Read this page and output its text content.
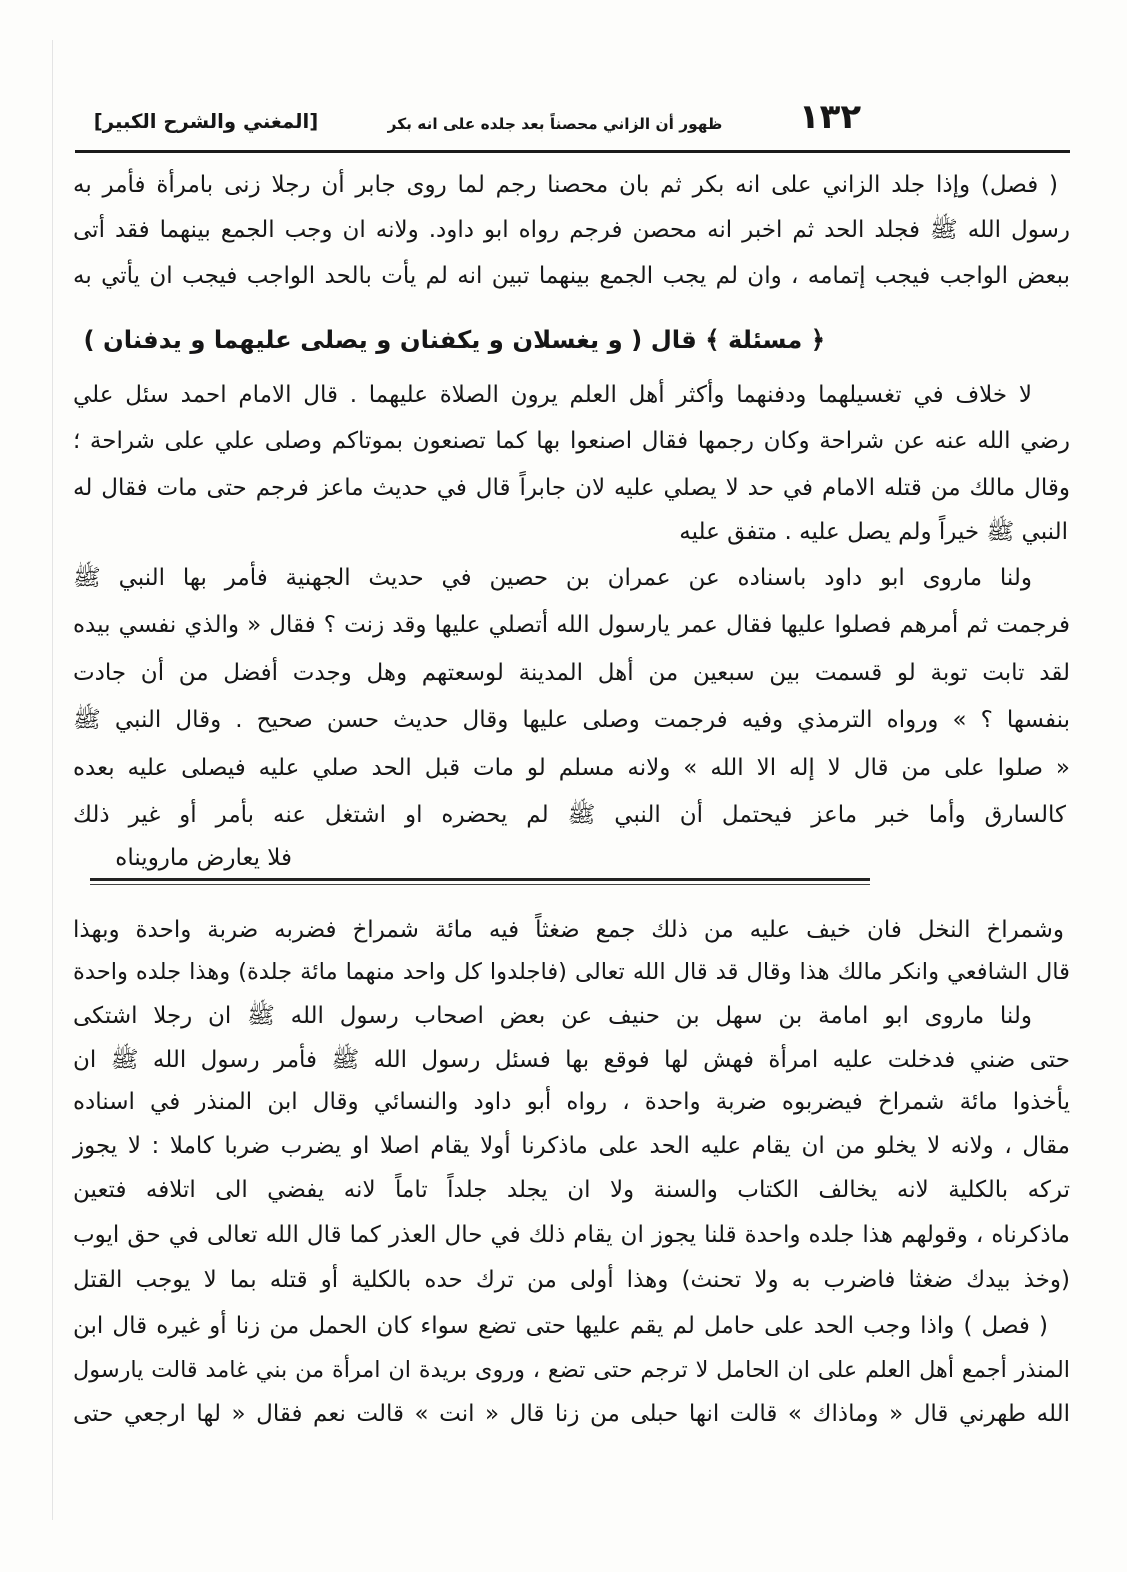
١٣٢
ظهور أن الزاني محصناً بعد جلده على انه بكر
[المغني والشرح الكبير]
( فصل) وإذا جلد الزاني على انه بكر ثم بان محصنا رجم لما روى جابر أن رجلا زنى بامرأة فأمر به
رسول الله ﷺ فجلد الحد ثم اخبر انه محصن فرجم رواه ابو داود. ولانه ان وجب الجمع بينهما فقد أتى
ببعض الواجب فيجب إتمامه ، وان لم يجب الجمع بينهما تبين انه لم يأت بالحد الواجب فيجب ان يأتي به
﴿ مسئلة ﴾ قال ( و يغسلان و يكفنان و يصلى عليهما و يدفنان )
لا خلاف في تغسيلهما ودفنهما وأكثر أهل العلم يرون الصلاة عليهما . قال الامام احمد سئل علي
رضي الله عنه عن شراحة وكان رجمها فقال اصنعوا بها كما تصنعون بموتاكم وصلى علي على شراحة ؛
وقال مالك من قتله الامام في حد لا يصلي عليه لان جابراً قال في حديث ماعز فرجم حتى مات فقال له
النبي ﷺ خيراً ولم يصل عليه . متفق عليه
ولنا ماروى ابو داود باسناده عن عمران بن حصين في حديث الجهنية فأمر بها النبي ﷺ
فرجمت ثم أمرهم فصلوا عليها فقال عمر يارسول الله أتصلي عليها وقد زنت ؟ فقال « والذي نفسي بيده
لقد تابت توبة لو قسمت بين سبعين من أهل المدينة لوسعتهم وهل وجدت أفضل من أن جادت
بنفسها ؟ » ورواه الترمذي وفيه فرجمت وصلى عليها وقال حديث حسن صحيح . وقال النبي ﷺ
« صلوا على من قال لا إله الا الله » ولانه مسلم لو مات قبل الحد صلي عليه فيصلى عليه بعده
كالسارق وأما خبر ماعز فيحتمل أن النبي ﷺ لم يحضره او اشتغل عنه بأمر أو غير ذلك
فلا يعارض مارويناه
وشمراخ النخل فان خيف عليه من ذلك جمع ضغثاً فيه مائة شمراخ فضربه ضربة واحدة وبهذا
قال الشافعي وانكر مالك هذا وقال قد قال الله تعالى (فاجلدوا كل واحد منهما مائة جلدة) وهذا جلده واحدة
ولنا ماروى ابو امامة بن سهل بن حنيف عن بعض اصحاب رسول الله ﷺ ان رجلا اشتكى
حتى ضني فدخلت عليه امرأة فهش لها فوقع بها فسئل رسول الله ﷺ فأمر رسول الله ﷺ ان
يأخذوا مائة شمراخ فيضربوه ضربة واحدة ، رواه أبو داود والنسائي وقال ابن المنذر في اسناده
مقال ، ولانه لا يخلو من ان يقام عليه الحد على ماذكرنا أولا يقام اصلا او يضرب ضربا كاملا : لا يجوز
تركه بالكلية لانه يخالف الكتاب والسنة ولا ان يجلد جلداً تاماً لانه يفضي الى اتلافه فتعين
ماذكرناه ، وقولهم هذا جلده واحدة قلنا يجوز ان يقام ذلك في حال العذر كما قال الله تعالى في حق ايوب
(وخذ بيدك ضغثا فاضرب به ولا تحنث) وهذا أولى من ترك حده بالكلية أو قتله بما لا يوجب القتل
( فصل ) واذا وجب الحد على حامل لم يقم عليها حتى تضع سواء كان الحمل من زنا أو غيره قال ابن
المنذر أجمع أهل العلم على ان الحامل لا ترجم حتى تضع ، وروى بريدة ان امرأة من بني غامد قالت يارسول
الله طهرني قال « وماذاك » قالت انها حبلى من زنا قال « انت » قالت نعم فقال « لها ارجعي حتى
